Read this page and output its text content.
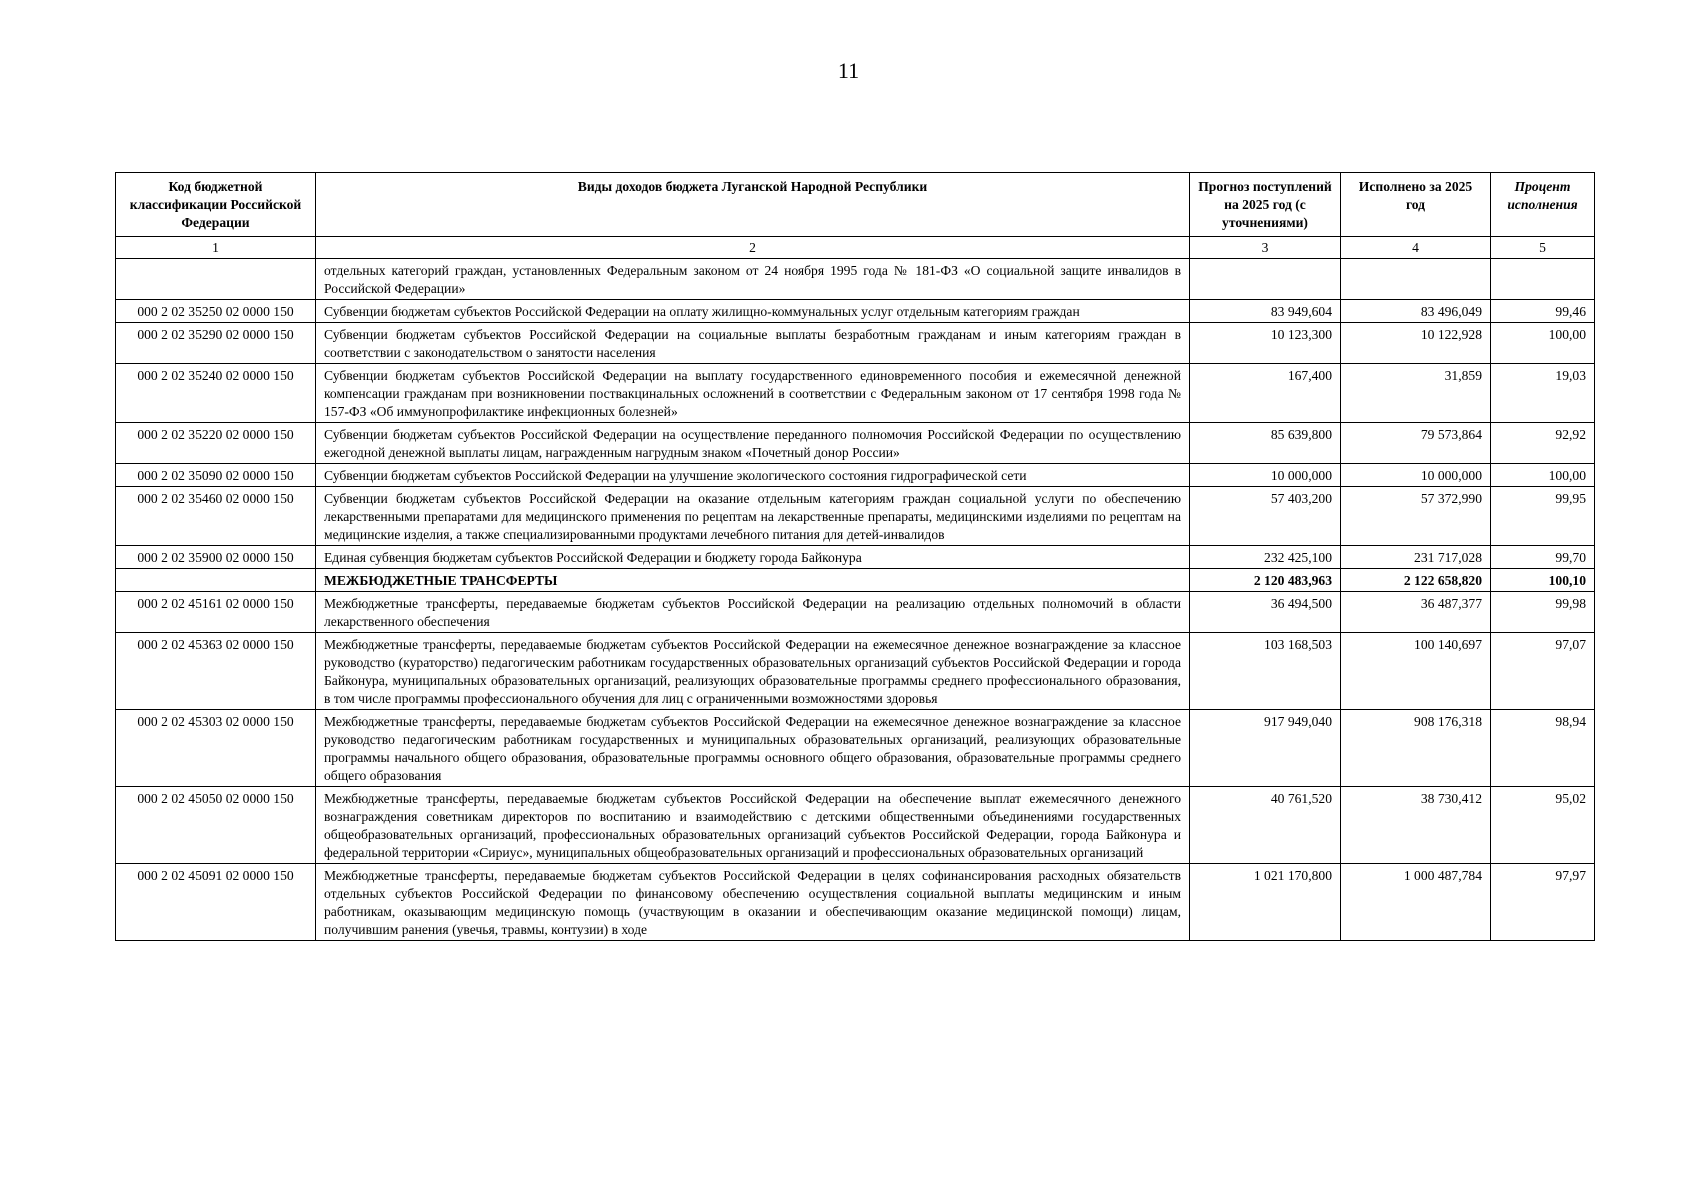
11
Код бюджетной классификации Российской Федерации	Виды доходов бюджета Луганской Народной Республики	Прогноз поступлений на 2025 год (с уточнениями)	Исполнено за 2025 год	Процент исполнения
1	2	3	4	5
	отдельных категорий граждан, установленных Федеральным законом от 24 ноября 1995 года № 181-ФЗ «О социальной защите инвалидов в Российской Федерации»			
000 2 02 35250 02 0000 150	Субвенции бюджетам субъектов Российской Федерации на оплату жилищно-коммунальных услуг отдельным категориям граждан	83 949,604	83 496,049	99,46
000 2 02 35290 02 0000 150	Субвенции бюджетам субъектов Российской Федерации на социальные выплаты безработным гражданам и иным категориям граждан в соответствии с законодательством о занятости населения	10 123,300	10 122,928	100,00
000 2 02 35240 02 0000 150	Субвенции бюджетам субъектов Российской Федерации на выплату государственного единовременного пособия и ежемесячной денежной компенсации гражданам при возникновении поствакцинальных осложнений в соответствии с Федеральным законом от 17 сентября 1998 года № 157-ФЗ «Об иммунопрофилактике инфекционных болезней»	167,400	31,859	19,03
000 2 02 35220 02 0000 150	Субвенции бюджетам субъектов Российской Федерации на осуществление переданного полномочия Российской Федерации по осуществлению ежегодной денежной выплаты лицам, награжденным нагрудным знаком «Почетный донор России»	85 639,800	79 573,864	92,92
000 2 02 35090 02 0000 150	Субвенции бюджетам субъектов Российской Федерации на улучшение экологического состояния гидрографической сети	10 000,000	10 000,000	100,00
000 2 02 35460 02 0000 150	Субвенции бюджетам субъектов Российской Федерации на оказание отдельным категориям граждан социальной услуги по обеспечению лекарственными препаратами для медицинского применения по рецептам на лекарственные препараты, медицинскими изделиями по рецептам на медицинские изделия, а также специализированными продуктами лечебного питания для детей-инвалидов	57 403,200	57 372,990	99,95
000 2 02 35900 02 0000 150	Единая субвенция бюджетам субъектов Российской Федерации и бюджету города Байконура	232 425,100	231 717,028	99,70
	МЕЖБЮДЖЕТНЫЕ ТРАНСФЕРТЫ	2 120 483,963	2 122 658,820	100,10
000 2 02 45161 02 0000 150	Межбюджетные трансферты, передаваемые бюджетам субъектов Российской Федерации на реализацию отдельных полномочий в области лекарственного обеспечения	36 494,500	36 487,377	99,98
000 2 02 45363 02 0000 150	Межбюджетные трансферты, передаваемые бюджетам субъектов Российской Федерации на ежемесячное денежное вознаграждение за классное руководство (кураторство) педагогическим работникам государственных образовательных организаций субъектов Российской Федерации и города Байконура, муниципальных образовательных организаций, реализующих образовательные программы среднего профессионального образования, в том числе программы профессионального обучения для лиц с ограниченными возможностями здоровья	103 168,503	100 140,697	97,07
000 2 02 45303 02 0000 150	Межбюджетные трансферты, передаваемые бюджетам субъектов Российской Федерации на ежемесячное денежное вознаграждение за классное руководство педагогическим работникам государственных и муниципальных образовательных организаций, реализующих образовательные программы начального общего образования, образовательные программы основного общего образования, образовательные программы среднего общего образования	917 949,040	908 176,318	98,94
000 2 02 45050 02 0000 150	Межбюджетные трансферты, передаваемые бюджетам субъектов Российской Федерации на обеспечение выплат ежемесячного денежного вознаграждения советникам директоров по воспитанию и взаимодействию с детскими общественными объединениями государственных общеобразовательных организаций, профессиональных образовательных организаций субъектов Российской Федерации, города Байконура и федеральной территории «Сириус», муниципальных общеобразовательных организаций и профессиональных образовательных организаций	40 761,520	38 730,412	95,02
000 2 02 45091 02 0000 150	Межбюджетные трансферты, передаваемые бюджетам субъектов Российской Федерации в целях софинансирования расходных обязательств отдельных субъектов Российской Федерации по финансовому обеспечению осуществления социальной выплаты медицинским и иным работникам, оказывающим медицинскую помощь (участвующим в оказании и обеспечивающим оказание медицинской помощи) лицам, получившим ранения (увечья, травмы, контузии) в ходе	1 021 170,800	1 000 487,784	97,97
